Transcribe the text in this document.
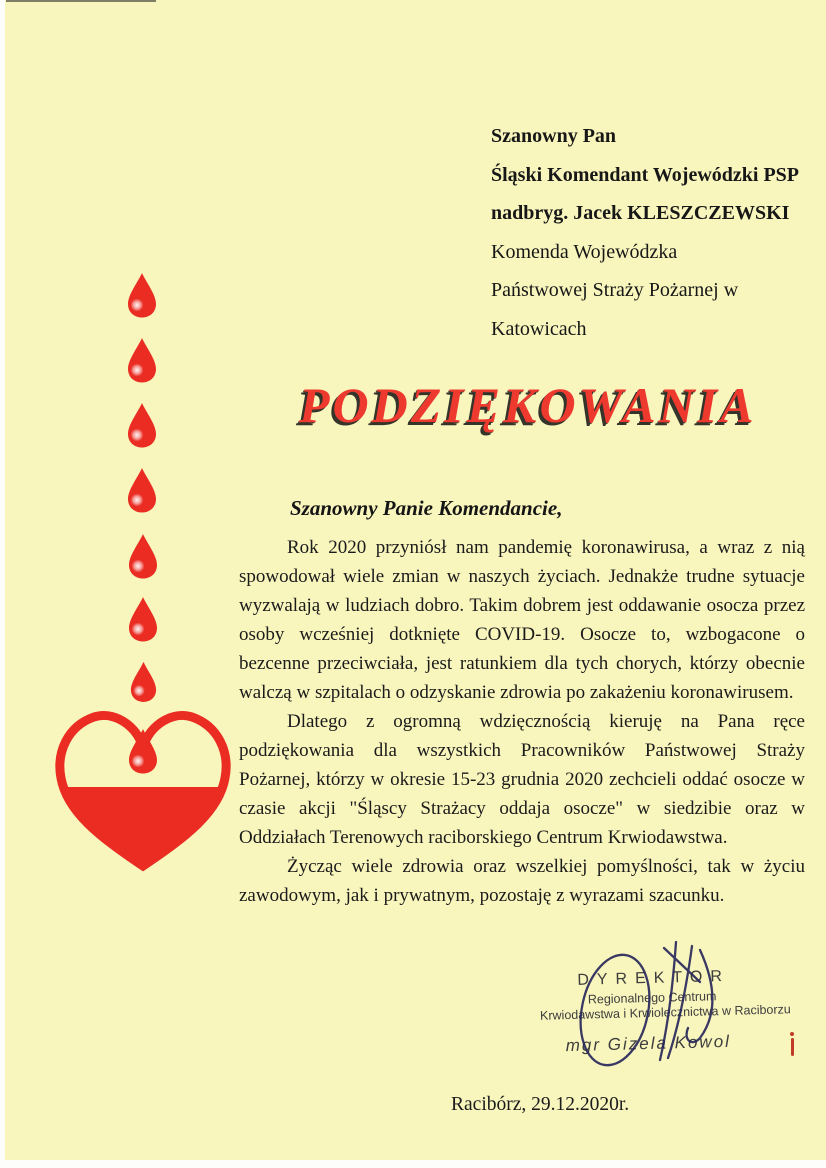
Szanowny Pan
Śląski Komendant Wojewódzki PSP
nadbryg. Jacek KLESZCZEWSKI
Komenda Wojewódzka
Państwowej Straży Pożarnej w Katowicach
PODZIĘKOWANIA
Szanowny Panie Komendancie,

Rok 2020 przyniósł nam pandemię koronawirusa, a wraz z nią spowodował wiele zmian w naszych życiach. Jednakże trudne sytuacje wyzwalają w ludziach dobro. Takim dobrem jest oddawanie osocza przez osoby wcześniej dotknięte COVID-19. Osocze to, wzbogacone o bezcenne przeciwciała, jest ratunkiem dla tych chorych, którzy obecnie walczą w szpitalach o odzyskanie zdrowia po zakażeniu koronawirusem.

Dlatego z ogromną wdzięcznością kieruję na Pana ręce podziękowania dla wszystkich Pracowników Państwowej Straży Pożarnej, którzy w okresie 15-23 grudnia 2020 zechcieli oddać osocze w czasie akcji "Śląscy Strażacy oddaja osocze" w siedzibie oraz w Oddziałach Terenowych raciborskiego Centrum Krwiodawstwa.

Życząc wiele zdrowia oraz wszelkiej pomyślności, tak w życiu zawodowym, jak i prywatnym, pozostaję z wyrazami szacunku.

DYREKTOR
Regionalnego Centrum
Krwiodawstwa i Krwiolecznictwa w Raciborzu
mgr Gizela Kowol
Racibórz, 29.12.2020r.
